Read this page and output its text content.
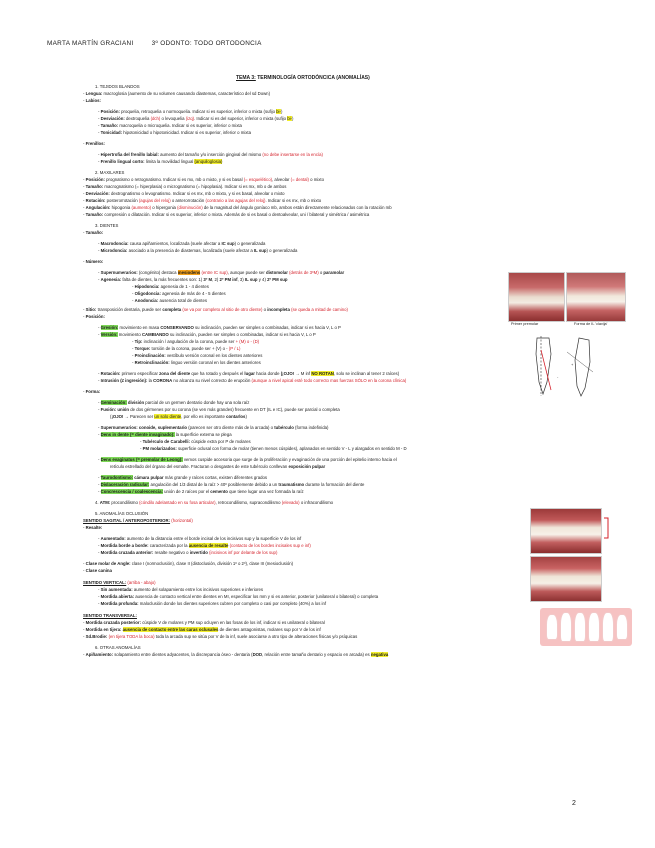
MARTA MARTÍN GRACIANI	3º ODONTO: TODO ORTODONCIA
TEMA 3: TERMINOLOGÍA ORTODÓNCICA (ANOMALÍAS)
1. TEJIDOS BLANDOS
- Lengua: macroglosia (aumento de su volumen causando diastemas, característico del sd Down)
- Labios:
- Posición: proquelia, retroquelia o normoquelia. Indicar si es superior, inferior o mixta (sufijo bi-)
- Desviación: dextroquelia (dch) o levoquelia (izq). Indicar si es del superior, inferior o mixta (sufijo bi-)
- Tamaño: macroquelia o microquelia. Indicar si es superior, inferior o mixta
- Tonicidad: hipotonicidad o hipotonicidad. Indicar si es superior, inferior o mixta
- Frenillos:
- Hipertrofia del frenillo labial: aumento del tamaño y/o inserción gingival del mismo (no debe insertarse en la encía)
- Frenillo lingual corto: limita la movilidad lingual (anquiloglosia)
2. MAXILARES
- Posición: prognatismo o retrognatismo. Indicar si es mx, mb o mixto, y si es basal (= esquelético), alveolar (= dental) o mixto
- Tamaño: macrognatismo (= hiperplasia) o micrognatismo (= hipoplasia). Indicar si es mx, mb o de ambos
- Desviación: dextrognatismo o levognatismo. Indicar si es mx, mb o mixto, y si es basal, alveolar o mixto
- Rotación: posterorrotación (agujas del reloj) o anterorrotación (contrario a las agujas del reloj). Indicar si es mx, mb o mixto
- Angulación: hipogonia (aumento) o hipergonia (disminución) de la magnitud del ángulo goníaco mb, ambos están directamente relacionados con la rotación mb
- Tamaño: compresión o dilatación. Indicar si es superior, inferior o mixta. Además de si es basal o dentoalveolar, uni / bilateral y simétrica / asimétrica
3. DIENTES
- Tamaño:
- Macrodoncia: causa apiñamientos, localizada (suele afectar a IC sup) o generalizada
- Microdoncia: asociado a la presencia de diastemas, localizada (suele afectar a IL sup) o generalizada
- Número:
- Supernumerarios: (congénito) destaca mesiodens (entre IC sup), aunque puede ser distomolar (detrás de 3ºM) o paramolar
- Agenesia: falta de dientes, la más frecuentes son: 1) 3º M, 2) 2º PM inf, 3) IL sup y 4) 2º PM sup
- Hipodoncia: agenesia de 1 - 4 dientes
- Oligodoncia: agenesia de más de 4 - 5 dientes
- Anodoncia: ausencia total de dientes
- Sitio: transposición dentaria, puede ser completa (se va por completo al sitio de otro diente) o incompleta (se queda a mitad de camino)
- Posición:
- Gresión: movimiento en masa CONSERVANDO su inclinación, pueden ser simples o combinadas, indicar si es hacia V, L o P
- Versión: movimiento CAMBIANDO su inclinación, pueden ser simples o combinadas, indicar si es hacia V, L o P
- Tip: inclinación / angulación de la corona, puede ser + (M) o - (D)
- Torque: torsión de la corona, puede ser + (V) o - (P / L)
- Proinclinación: vestíbulo versión coronal en los dientes anteriores
- Retroinclinación: linguo versión coronal en los dientes anteriores
- Rotación: primero especificar zona del diente que ha rotado y después el lugar hacia donde (¡OJO! → M inf NO ROTAN, solo se inclinan al tener 2 raíces)
- Intrusión (≠ ingresión): la CORONA no alcanza su nivel correcto de erupción (aunque a nivel apical esté todo correcto mas fuerzas SÓLO en la corona clínica)
- Forma:
- Geminación: división parcial de un germen dentario donde hay una sola raíz
- Fusión: unión de dos gérmenes por su corona (se ven más grandes) frecuente en DT (IL e IC), puede ser parcial o completa
(¡OJO! → Parecen ser un solo diente, por ello es importante contarlos)
- Supernumerarios: conoide, suplementario (parecen ser otro diente más de la arcada) o tubérculo (forma indefinida)
- Dens in dente (= diente invaginado): la superficie externa se plega
- Tubérculo de Carabelli: cúspide extra por P de molares
- PM molarizados: superficie oclusal con forma de molar (tienen menos cúspides), aplanados en sentido V - L y alargados en sentido M - D
- Dens evaginatus (= premolar de Leong): vemos cuspide accesoria que surge de la proliferación y evaginación de una porción del epitelio interno hacia el
retículo estrellado del órgano del esmalte. Fracturan o desgastes de este tubérculo conllevan exposición pulpar
- Taurodontismo: cámara pulpar más grande y raíces cortas, existen diferentes grados
- Dislaceración radicular: angulación del 1/3 distal de la raíz > 40º posiblemente debido a un traumatismo durante la formación del diente
- Concrescencia / coalescencia: unión de 2 raíces por el cemento que tiene lugar una vez formada la raíz
4. ATM: procondilismo (cóndilo adelantado en su fosa articular), retrocondilismo, supracondilismo (elevado) o infracondilismo
5. ANOMALÍAS OCLUSIÓN
SENTIDO SAGITAL / ANTEROPOSTERIOR: (horizontal)
- Resalte:
- Aumentado: aumento de la distancia entre el borde incisal de los incisivos sup y la superficie V de los inf
- Mordida borde a borde: caracterizada por la ausencia de resalte (contacto de los bordes incisales sup e inf)
- Mordida cruzada anterior: resalte negativo o invertido (incisivos inf por delante de los sup)
- Clase molar de Angle: clase I (normoclusión), clase II (distoclusión, división 1º o 2º), clase III (mesioclusión)
- Clase canina
SENTIDO VERTICAL: (arriba - abajo)
- Sin aumentada: aumento del solapamiento entre los incisivos superiores e inferiores
- Mordida abierta: ausencia de contacto vertical entre dientes en MI, especificar los mm y si es anterior, posterior (unilateral o bilateral) o completa
- Mordida profunda: maloclusión donde los dientes superiores cubren por completo o casi por completo (40%) a los inf
SENTIDO TRANSVERSAL:
- Mordida cruzada posterior: cúspide V de molares y PM sup ocluyen en las fosas de los inf, indicar si es unilateral o bilateral
- Mordida en tijera: ausencia de contacto entre las caras oclusales de dientes antagonistas, molares sup por V de los inf
- Sd.Brodie: (en tijera TODA la boca) toda la arcada sup se sitúa por V de la inf, suele asociarse a otro tipo de alteraciones físicas y/o psíquicas
6. OTRAS ANOMALÍAS
- Apiñamiento: solapamiento entre dientes adyacentes, la discrepancia óseo - dentaria (DOD, relación entre tamaño dentario y espacio en arcada) es negativa
Primer premolar	Forma de IL 'clavija'
+
-
2
